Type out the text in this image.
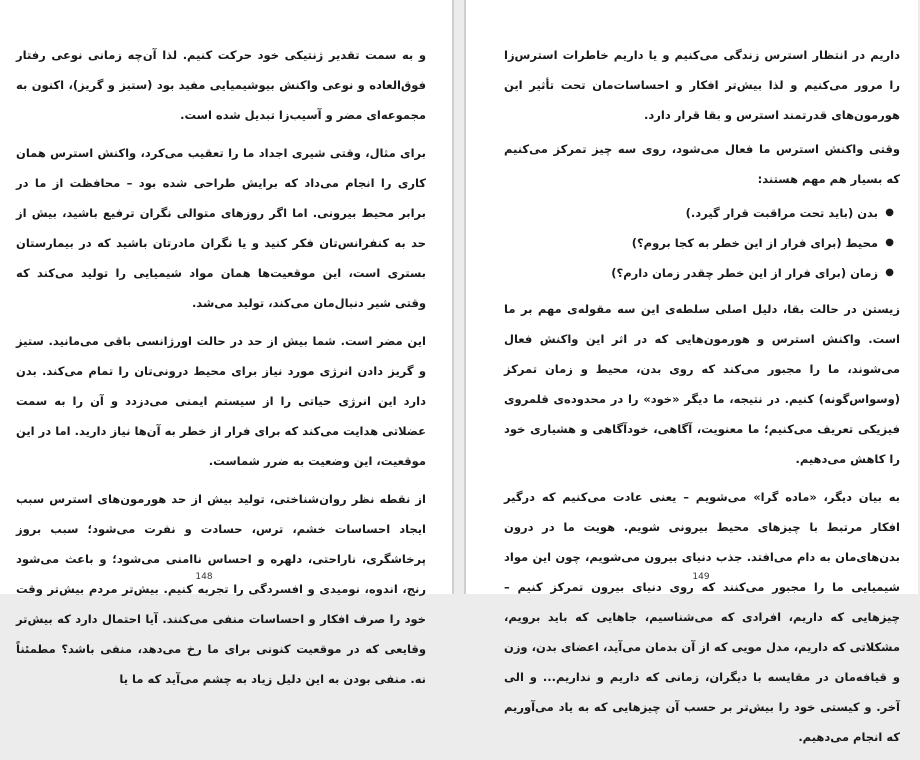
و به سمت تقدیر ژنتیکی خود حرکت کنیم. لذا آن‌چه زمانی نوعی رفتار فوق‌العاده و نوعی واکنش بیوشیمیایی مفید بود (ستیز و گریز)، اکنون به مجموعه‌ای مضر و آسیب‌زا تبدیل شده است.

برای مثال، وقتی شیری اجداد ما را تعقیب می‌کرد، واکنش استرس همان کاری را انجام می‌داد که برایش طراحی شده بود – محافظت از ما در برابر محیط بیرونی. اما اگر روزهای متوالی نگران ترفیع باشید، بیش از حد به کنفرانس‌تان فکر کنید و یا نگران مادرتان باشید که در بیمارستان بستری است، این موقعیت‌ها همان مواد شیمیایی را تولید می‌کند که وقتی شیر دنبال‌مان می‌کند، تولید می‌شد.

این مضر است. شما بیش از حد در حالت اورژانسی باقی می‌مانید. ستیز و گریز دادن انرژی مورد نیاز برای محیط درونی‌تان را تمام می‌کند. بدن دارد این انرژی حیاتی را از سیستم ایمنی می‌دزدد و آن را به سمت عضلاتی هدایت می‌کند که برای فرار از خطر به آن‌ها نیاز دارید. اما در این موقعیت، این وضعیت به ضرر شماست.

از نقطه نظر روان‌شناختی، تولید بیش از حد هورمون‌های استرس سبب ایجاد احساسات خشم، ترس، حسادت و نفرت می‌شود؛ سبب بروز پرخاشگری، ناراحتی، دلهره و احساس ناامنی می‌شود؛ و باعث می‌شود رنج، اندوه، نومیدی و افسردگی را تجربه کنیم. بیش‌تر مردم بیش‌تر وقت خود را صرف افکار و احساسات منفی می‌کنند. آیا احتمال دارد که بیش‌تر وقایعی که در موقعیت کنونی برای ما رخ می‌دهد، منفی باشد؟ مطمئناً نه. منفی بودن به این دلیل زیاد به چشم می‌آید که ما یا

148

داریم در انتظار استرس زندگی می‌کنیم و یا داریم خاطرات استرس‌زا را مرور می‌کنیم و لذا بیش‌تر افکار و احساسات‌مان تحت تأثیر این هورمون‌های قدرتمند استرس و بقا قرار دارد.

وقتی واکنش استرس ما فعال می‌شود، روی سه چیز تمرکز می‌کنیم که بسیار هم مهم هستند:

●
بدن (باید تحت مراقبت قرار گیرد.)
●
محیط (برای فرار از این خطر به کجا بروم؟)
●
زمان (برای فرار از این خطر چقدر زمان دارم؟)

زیستن در حالت بقا، دلیل اصلی سلطه‌ی این سه مقوله‌ی مهم بر ما است. واکنش استرس و هورمون‌هایی که در اثر این واکنش فعال می‌شوند، ما را مجبور می‌کند که روی بدن، محیط و زمان تمرکز (وسواس‌گونه) کنیم. در نتیجه، ما دیگر «خود» را در محدوده‌ی قلمروی فیزیکی تعریف می‌کنیم؛ ما معنویت، آگاهی، خودآگاهی و هشیاری خود را کاهش می‌دهیم.

به بیان دیگر، «ماده گرا» می‌شویم – یعنی عادت می‌کنیم که درگیر افکار مرتبط با چیزهای محیط بیرونی شویم. هویت ما در درون بدن‌های‌مان به دام می‌افتد. جذب دنیای بیرون می‌شویم، چون این مواد شیمیایی ما را مجبور می‌کنند که روی دنیای بیرون تمرکز کنیم – چیزهایی که داریم، افرادی که می‌شناسیم، جاهایی که باید برویم، مشکلاتی که داریم، مدل مویی که از آن بدمان می‌آید، اعضای بدن، وزن و قیافه‌مان در مقایسه با دیگران، زمانی که داریم و نداریم... و الی آخر. و کیستی خود را بیش‌تر بر حسب آن چیزهایی که به یاد می‌آوریم که انجام می‌دهیم.

149
